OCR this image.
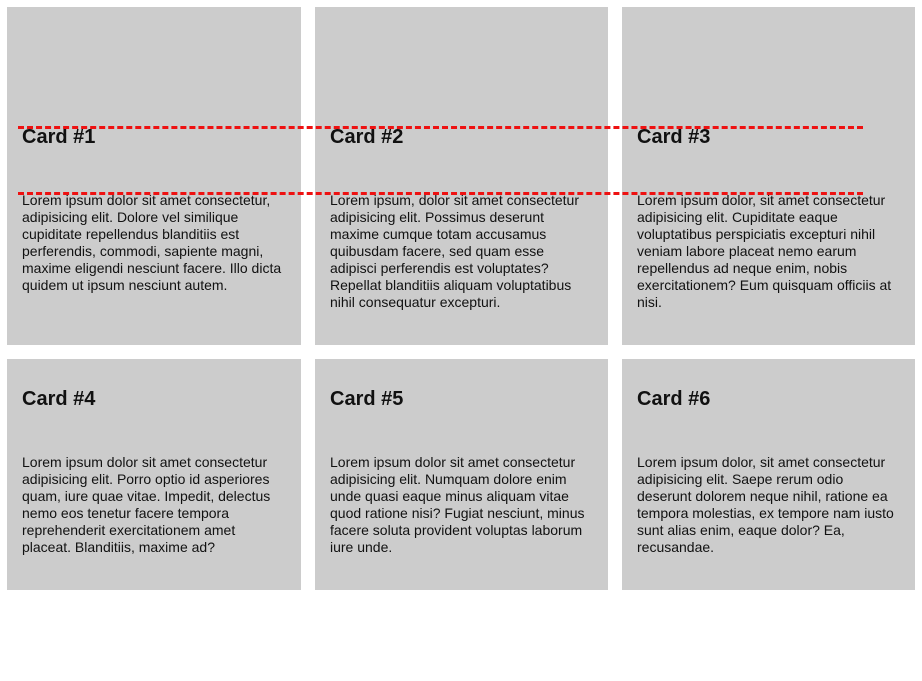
Card #1

Lorem ipsum dolor sit amet consectetur, adipisicing elit. Dolore vel similique cupiditate repellendus blanditiis est perferendis, commodi, sapiente magni, maxime eligendi nesciunt facere. Illo dicta quidem ut ipsum nesciunt autem.

Card #2

Lorem ipsum, dolor sit amet consectetur adipisicing elit. Possimus deserunt maxime cumque totam accusamus quibusdam facere, sed quam esse adipisci perferendis est voluptates? Repellat blanditiis aliquam voluptatibus nihil consequatur excepturi.

Card #3

Lorem ipsum dolor, sit amet consectetur adipisicing elit. Cupiditate eaque voluptatibus perspiciatis excepturi nihil veniam labore placeat nemo earum repellendus ad neque enim, nobis exercitationem? Eum quisquam officiis at nisi.

Card #4

Lorem ipsum dolor sit amet consectetur adipisicing elit. Porro optio id asperiores quam, iure quae vitae. Impedit, delectus nemo eos tenetur facere tempora reprehenderit exercitationem amet placeat. Blanditiis, maxime ad?

Card #5

Lorem ipsum dolor sit amet consectetur adipisicing elit. Numquam dolore enim unde quasi eaque minus aliquam vitae quod ratione nisi? Fugiat nesciunt, minus facere soluta provident voluptas laborum iure unde.

Card #6

Lorem ipsum dolor, sit amet consectetur adipisicing elit. Saepe rerum odio deserunt dolorem neque nihil, ratione ea tempora molestias, ex tempore nam iusto sunt alias enim, eaque dolor? Ea, recusandae.
